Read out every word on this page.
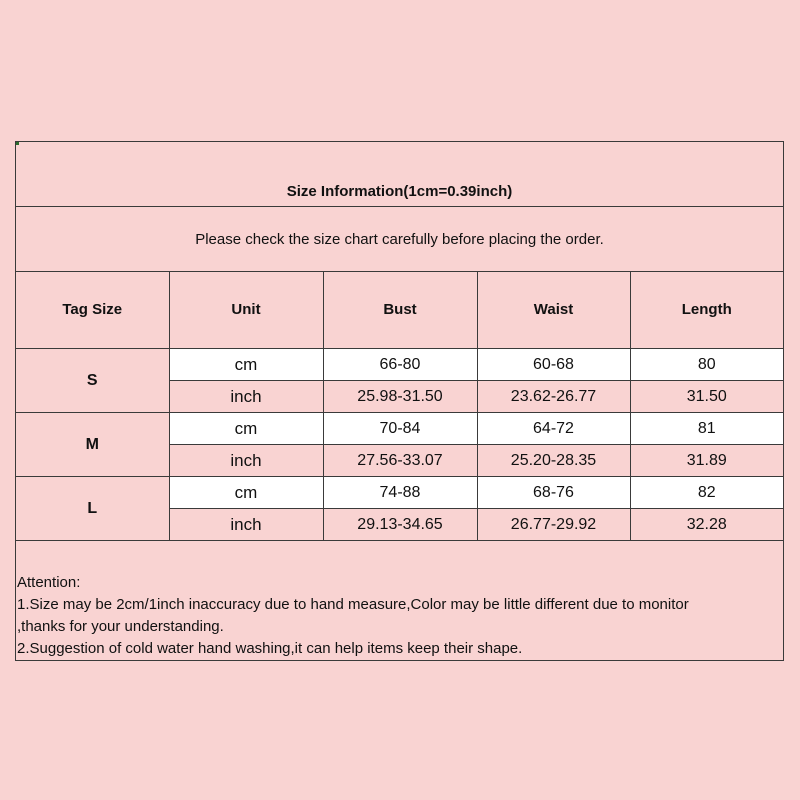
Size Information(1cm=0.39inch)
Please check the size chart carefully before placing the order.
Tag Size	Unit	Bust	Waist	Length
S	cm	66-80	60-68	80
	inch	25.98-31.50	23.62-26.77	31.50
M	cm	70-84	64-72	81
	inch	27.56-33.07	25.20-28.35	31.89
L	cm	74-88	68-76	82
	inch	29.13-34.65	26.77-29.92	32.28
Attention:
1.Size may be 2cm/1inch inaccuracy due to hand measure,Color may be little different due to monitor
,thanks for your understanding.
2.Suggestion of cold water hand washing,it can help items keep their shape.
